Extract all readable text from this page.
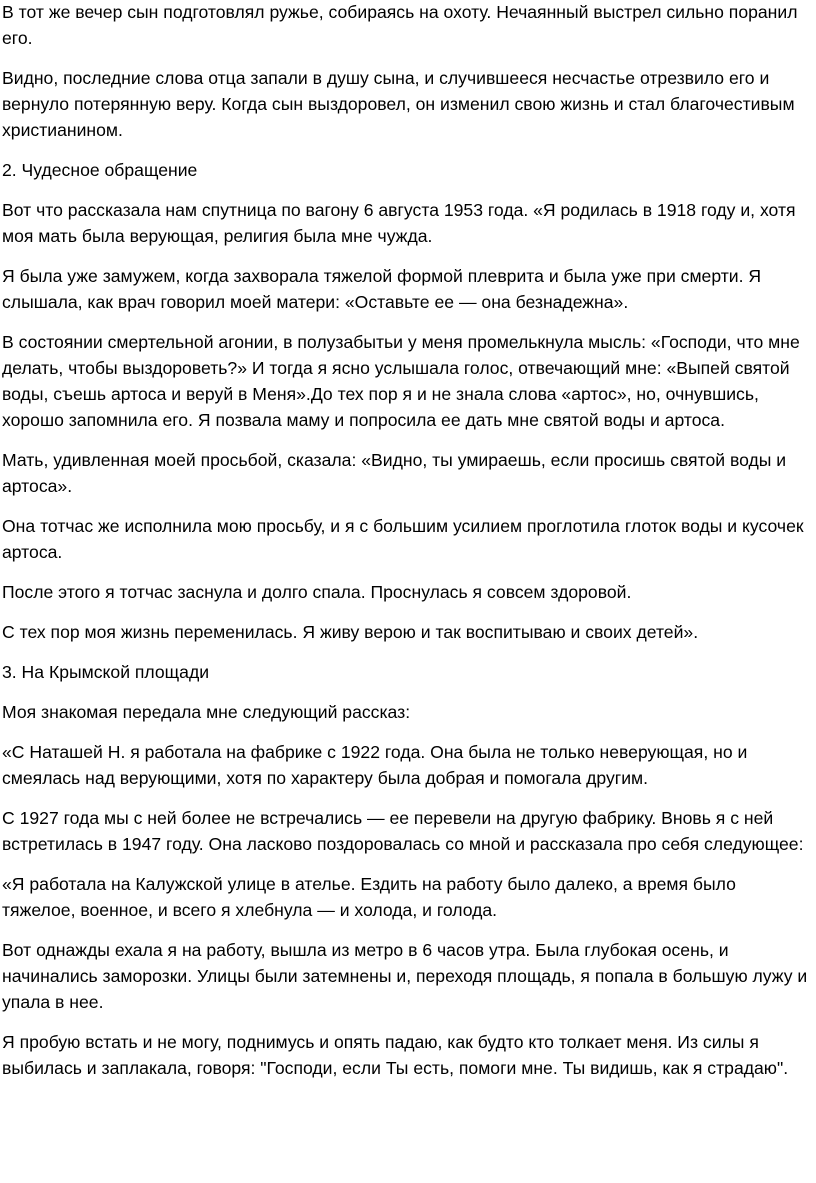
В тот же вечер сын подготовлял ружье, собираясь на охоту. Нечаянный выстрел сильно поранил его.

Видно, последние слова отца запали в душу сына, и случившееся несчастье отрезвило его и вернуло потерянную веру. Когда сын выздоровел, он изменил свою жизнь и стал благочестивым христианином.

2. Чудесное обращение

Вот что рассказала нам спутница по вагону 6 августа 1953 года. «Я родилась в 1918 году и, хотя моя мать была верующая, религия была мне чужда.

Я была уже замужем, когда захворала тяжелой формой плеврита и была уже при смерти. Я слышала, как врач говорил моей матери: «Оставьте ее — она безнадежна».

В состоянии смертельной агонии, в полузабытьи у меня промелькнула мысль: «Господи, что мне делать, чтобы выздороветь?» И тогда я ясно услышала голос, отвечающий мне: «Выпей святой воды, съешь артоса и веруй в Меня».До тех пор я и не знала слова «артос», но, очнувшись, хорошо запомнила его. Я позвала маму и попросила ее дать мне святой воды и артоса.

Мать, удивленная моей просьбой, сказала: «Видно, ты умираешь, если просишь святой воды и артоса».

Она тотчас же исполнила мою просьбу, и я с большим усилием проглотила глоток воды и кусочек артоса.

После этого я тотчас заснула и долго спала. Проснулась я совсем здоровой.

С тех пор моя жизнь переменилась. Я живу верою и так воспитываю и своих детей».

3. На Крымской площади

Моя знакомая передала мне следующий рассказ:

«С Наташей Н. я работала на фабрике с 1922 года. Она была не только неверующая, но и смеялась над верующими, хотя по характеру была добрая и помогала другим.

С 1927 года мы с ней более не встречались — ее перевели на другую фабрику. Вновь я с ней встретилась в 1947 году. Она ласково поздоровалась со мной и рассказала про себя следующее:

«Я работала на Калужской улице в ателье. Ездить на работу было далеко, а время было тяжелое, военное, и всего я хлебнула — и холода, и голода.

Вот однажды ехала я на работу, вышла из метро в 6 часов утра. Была глубокая осень, и начинались заморозки. Улицы были затемнены и, переходя площадь, я попала в большую лужу и упала в нее.

Я пробую встать и не могу, поднимусь и опять падаю, как будто кто толкает меня. Из силы я выбилась и заплакала, говоря: "Господи, если Ты есть, помоги мне. Ты видишь, как я страдаю".
